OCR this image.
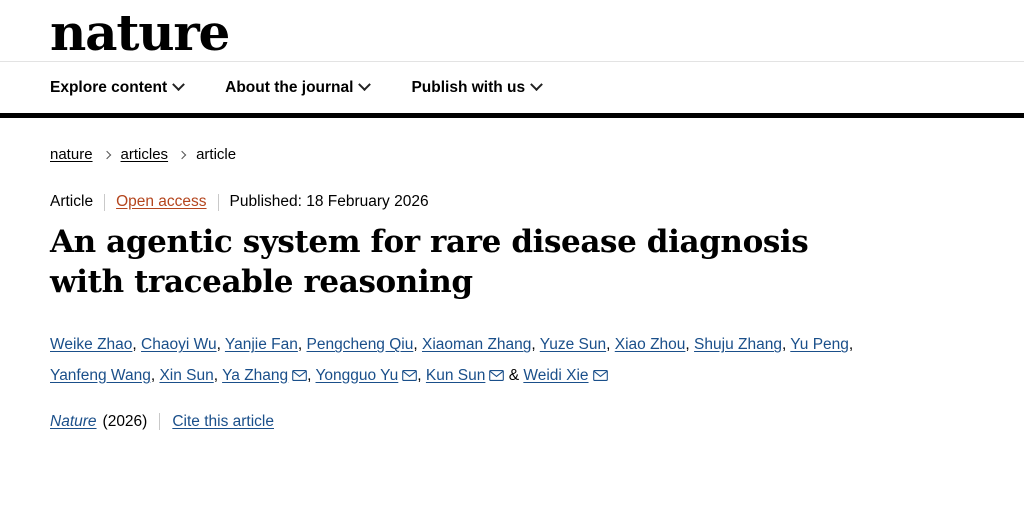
nature
Explore content	About the journal	Publish with us
nature articles article
Article	Open access	Published: 18 February 2026
An agentic system for rare disease diagnosis with traceable reasoning
Weike Zhao, Chaoyi Wu, Yanjie Fan, Pengcheng Qiu, Xiaoman Zhang, Yuze Sun, Xiao Zhou, Shuju Zhang, Yu Peng, Yanfeng Wang, Xin Sun, Ya Zhang , Yongguo Yu , Kun Sun & Weidi Xie
Nature (2026) Cite this article
